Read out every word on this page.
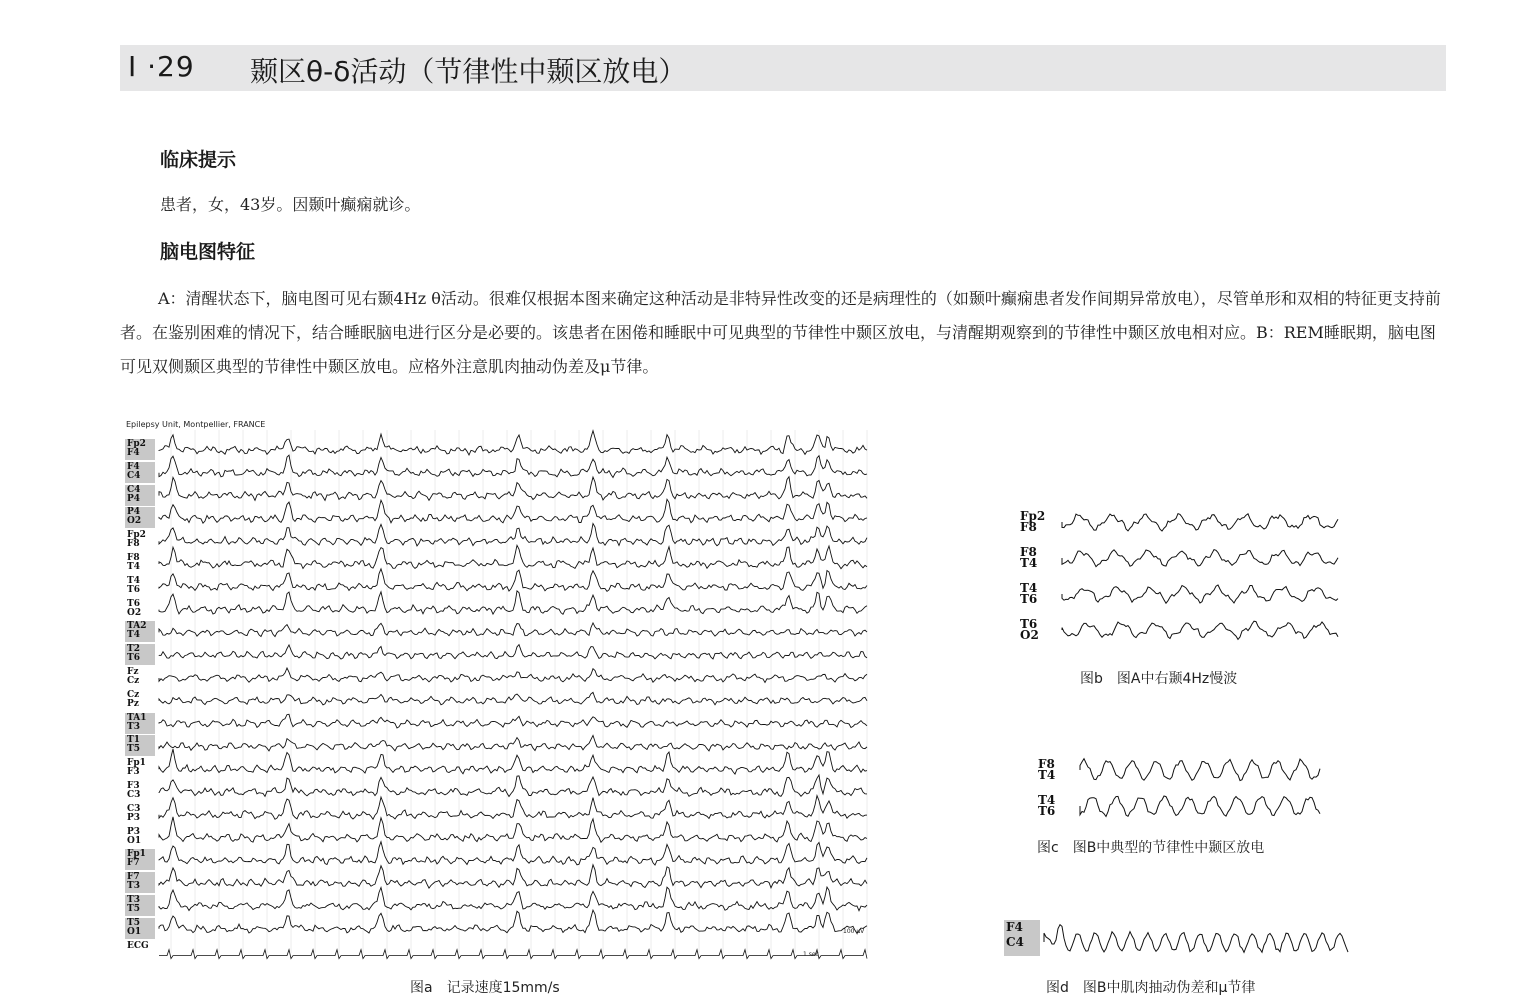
I ·29 颞区θ-δ活动（节律性中颞区放电）
临床提示
患者，女，43岁。因颞叶癫痫就诊。
脑电图特征
A：清醒状态下，脑电图可见右颞4Hz θ活动。很难仅根据本图来确定这种活动是非特异性改变的还是病理性的（如颞叶癫痫患者发作间期异常放电），尽管单形和双相的特征更支持前者。在鉴别困难的情况下，结合睡眠脑电进行区分是必要的。该患者在困倦和睡眠中可见典型的节律性中颞区放电，与清醒期观察到的节律性中颞区放电相对应。B：REM睡眠期，脑电图可见双侧颞区典型的节律性中颞区放电。应格外注意肌肉抽动伪差及μ节律。
Epilepsy Unit, Montpellier, FRANCE
Fp2
F4
F4
C4
C4
P4
P4
O2
Fp2
F8
F8
T4
T4
T6
T6
O2
TA2
T4
T2
T6
Fz
Cz
Cz
Pz
TA1
T3
T1
T5
Fp1
F3
F3
C3
C3
P3
P3
O1
Fp1
F7
F7
T3
T3
T5
T5
O1
ECG
1 sec
100 μV
图a　记录速度15mm/s
Fp2
F8
F8
T4
T4
T6
T6
O2
图b　图A中右颞4Hz慢波
F8
T4
T4
T6
图c　图B中典型的节律性中颞区放电
F4
C4
图d　图B中肌肉抽动伪差和μ节律
